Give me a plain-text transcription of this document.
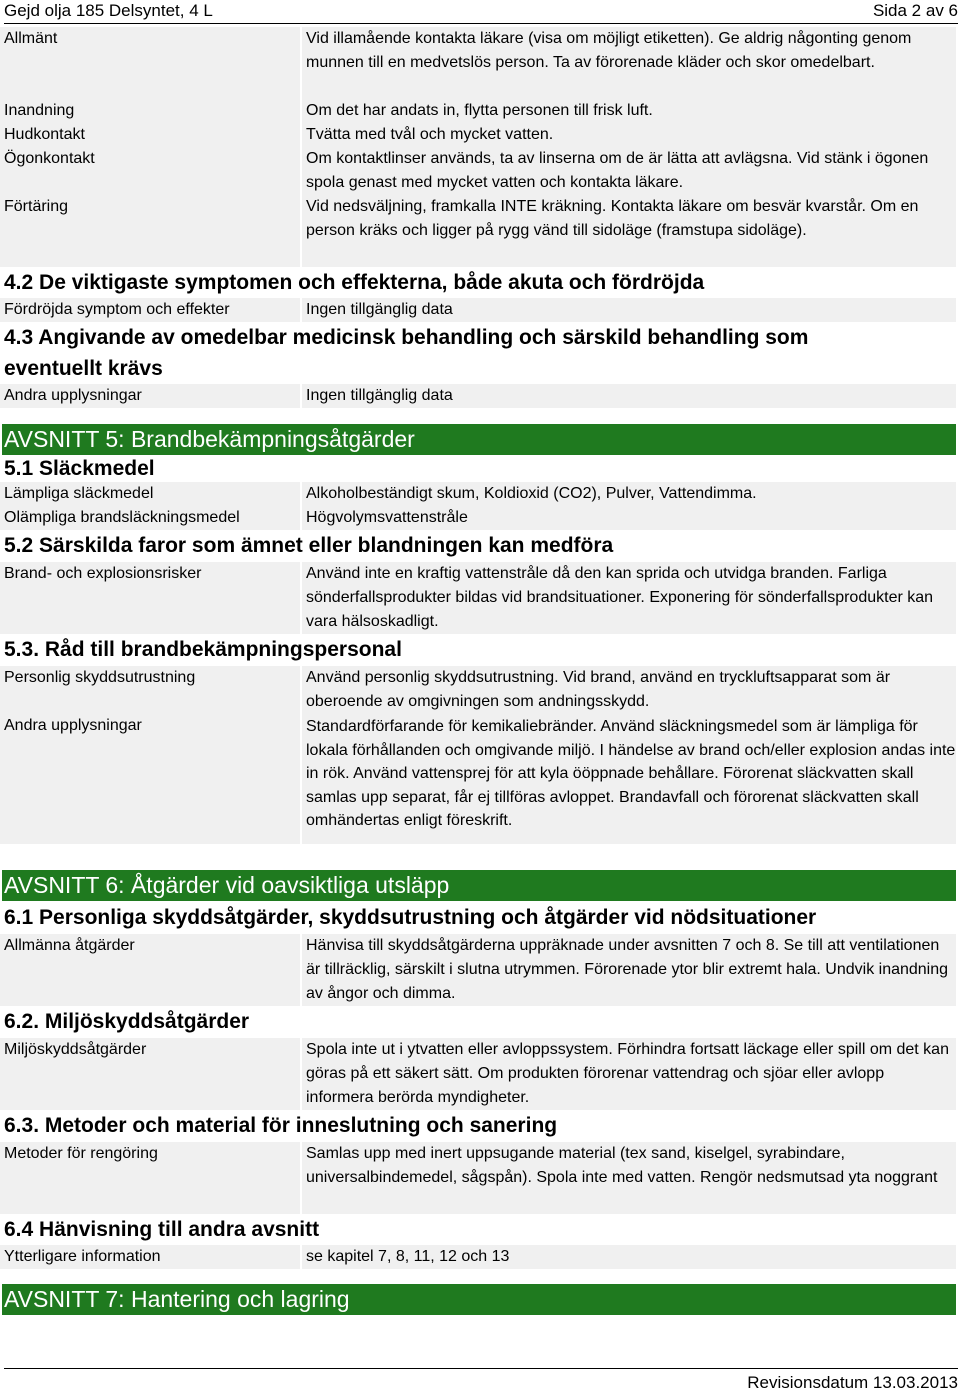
Gejd olja 185 Delsyntet, 4 L	Sida 2 av 6
Allmänt	Vid illamående kontakta läkare (visa om möjligt etiketten). Ge aldrig någonting genom munnen till en medvetslös person. Ta av förorenade kläder och skor omedelbart.
Inandning	Om det har andats in, flytta personen till frisk luft.
Hudkontakt	Tvätta med tvål och mycket vatten.
Ögonkontakt	Om kontaktlinser används, ta av linserna om de är lätta att avlägsna. Vid stänk i ögonen spola genast med mycket vatten och kontakta läkare.
Förtäring	Vid nedsväljning, framkalla INTE kräkning. Kontakta läkare om besvär kvarstår. Om en person kräks och ligger på rygg vänd till sidoläge (framstupa sidoläge).
4.2 De viktigaste symptomen och effekterna, både akuta och fördröjda
Fördröjda symptom och effekter	Ingen tillgänglig data
4.3 Angivande av omedelbar medicinsk behandling och särskild behandling som eventuellt krävs
Andra upplysningar	Ingen tillgänglig data
AVSNITT 5: Brandbekämpningsåtgärder
5.1 Släckmedel
Lämpliga släckmedel	Alkoholbeständigt skum, Koldioxid (CO2), Pulver, Vattendimma.
Olämpliga brandsläckningsmedel	Högvolymsvattenstråle
5.2 Särskilda faror som ämnet eller blandningen kan medföra
Brand- och explosionsrisker	Använd inte en kraftig vattenstråle då den kan sprida och utvidga branden. Farliga sönderfallsprodukter bildas vid brandsituationer. Exponering för sönderfallsprodukter kan vara hälsoskadligt.
5.3. Råd till brandbekämpningspersonal
Personlig skyddsutrustning	Använd personlig skyddsutrustning. Vid brand, använd en tryckluftsapparat som är oberoende av omgivningen som andningsskydd.
Andra upplysningar	Standardförfarande för kemikaliebränder. Använd släckningsmedel som är lämpliga för lokala förhållanden och omgivande miljö. I händelse av brand och/eller explosion andas inte in rök. Använd vattensprej för att kyla ööppnade behållare. Förorenat släckvatten skall samlas upp separat, får ej tillföras avloppet. Brandavfall och förorenat släckvatten skall omhändertas enligt föreskrift.
AVSNITT 6: Åtgärder vid oavsiktliga utsläpp
6.1 Personliga skyddsåtgärder, skyddsutrustning och åtgärder vid nödsituationer
Allmänna åtgärder	Hänvisa till skyddsåtgärderna uppräknade under avsnitten 7 och 8. Se till att ventilationen är tillräcklig, särskilt i slutna utrymmen. Förorenade ytor blir extremt hala. Undvik inandning av ångor och dimma.
6.2. Miljöskyddsåtgärder
Miljöskyddsåtgärder	Spola inte ut i ytvatten eller avloppssystem. Förhindra fortsatt läckage eller spill om det kan göras på ett säkert sätt. Om produkten förorenar vattendrag och sjöar eller avlopp informera berörda myndigheter.
6.3. Metoder och material för inneslutning och sanering
Metoder för rengöring	Samlas upp med inert uppsugande material (tex sand, kiselgel, syrabindare, universalbindemedel, sågspån). Spola inte med vatten. Rengör nedsmutsad yta noggrant
6.4 Hänvisning till andra avsnitt
Ytterligare information	se kapitel 7, 8, 11, 12 och 13
AVSNITT 7: Hantering och lagring
Revisionsdatum 13.03.2013
